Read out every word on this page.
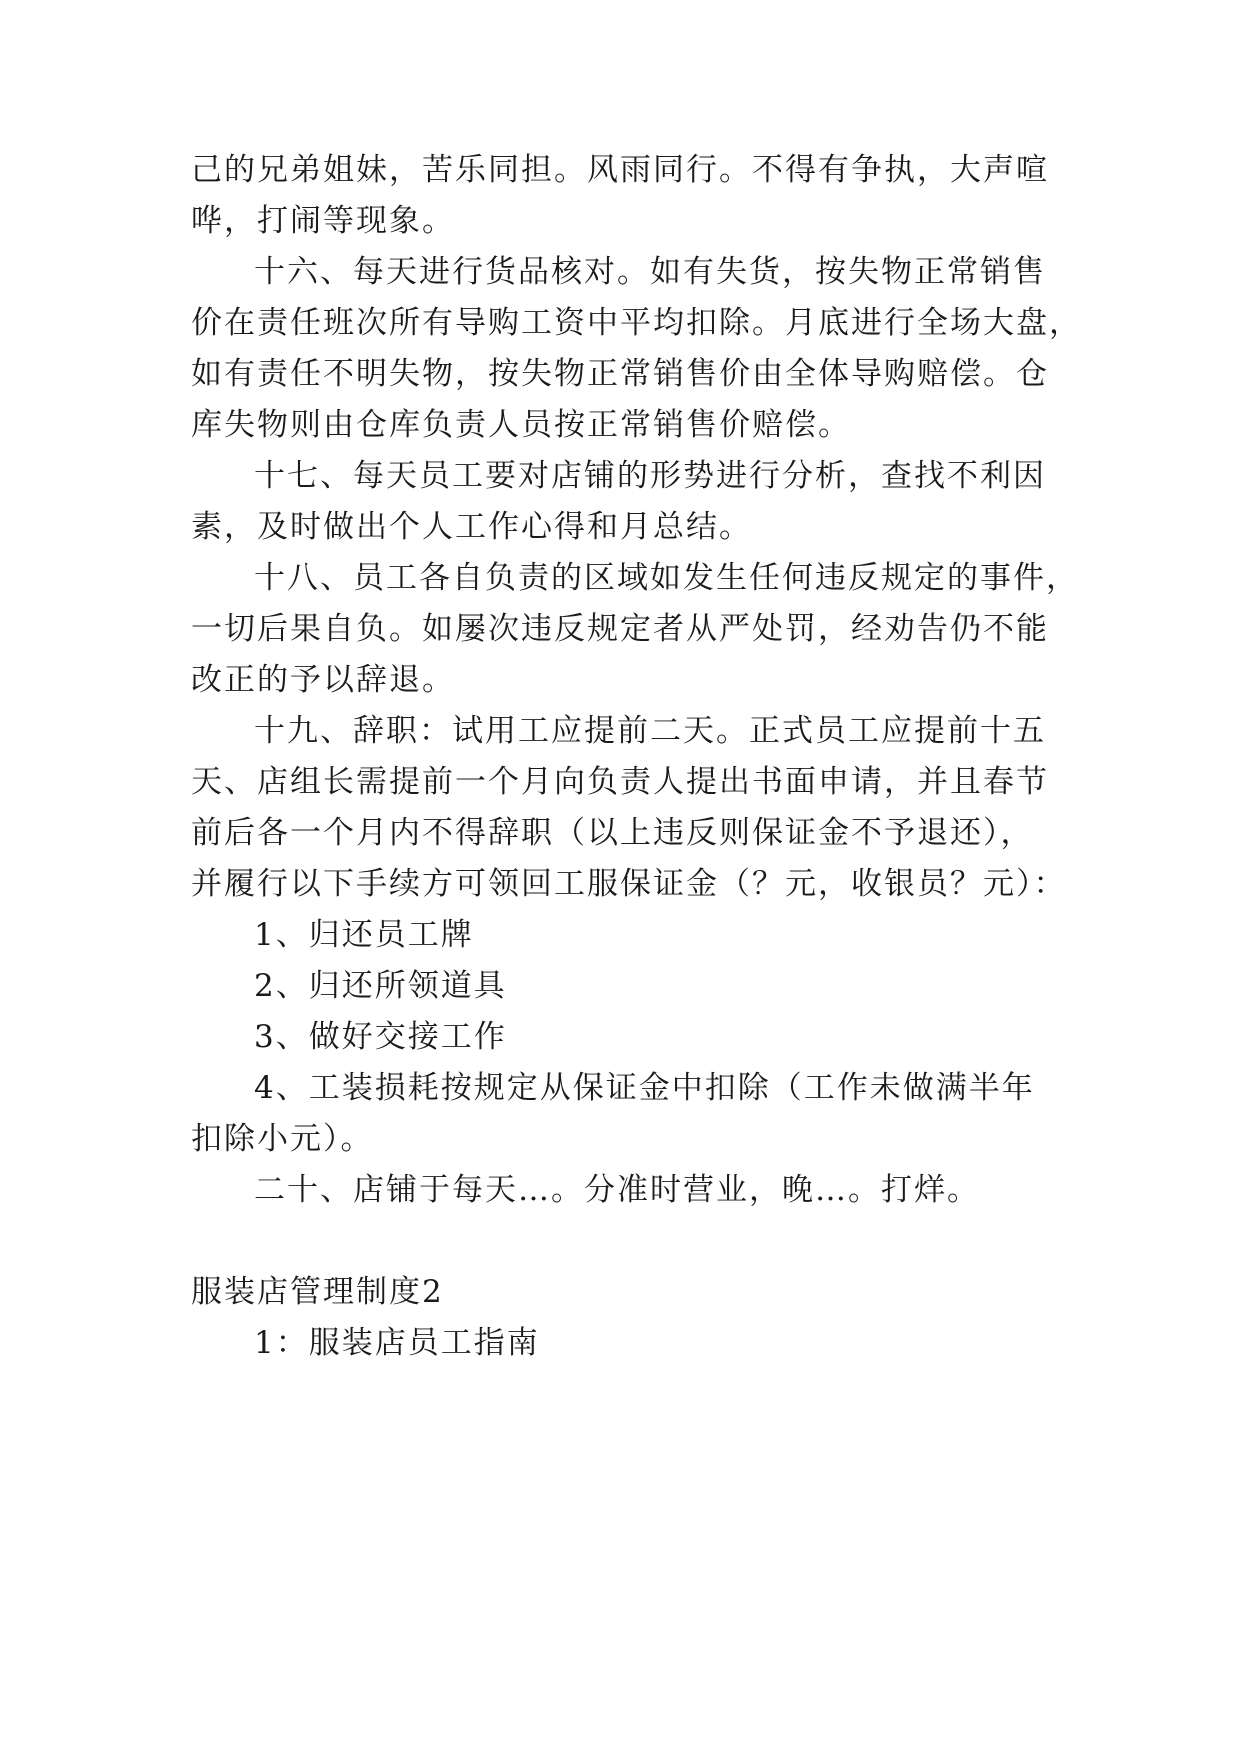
己的兄弟姐妹，苦乐同担。风雨同行。不得有争执，大声喧
哗，打闹等现象。
十六、每天进行货品核对。如有失货，按失物正常销售
价在责任班次所有导购工资中平均扣除。月底进行全场大盘，
如有责任不明失物，按失物正常销售价由全体导购赔偿。仓
库失物则由仓库负责人员按正常销售价赔偿。
十七、每天员工要对店铺的形势进行分析，查找不利因
素，及时做出个人工作心得和月总结。
十八、员工各自负责的区域如发生任何违反规定的事件，
一切后果自负。如屡次违反规定者从严处罚，经劝告仍不能
改正的予以辞退。
十九、辞职：试用工应提前二天。正式员工应提前十五
天、店组长需提前一个月向负责人提出书面申请，并且春节
前后各一个月内不得辞职（以上违反则保证金不予退还），
并履行以下手续方可领回工服保证金（？元，收银员？元）：
1、归还员工牌
2、归还所领道具
3、做好交接工作
4、工装损耗按规定从保证金中扣除（工作未做满半年
扣除小元）。
二十、店铺于每天…。分准时营业，晚…。打烊。
服装店管理制度2
1：服装店员工指南
